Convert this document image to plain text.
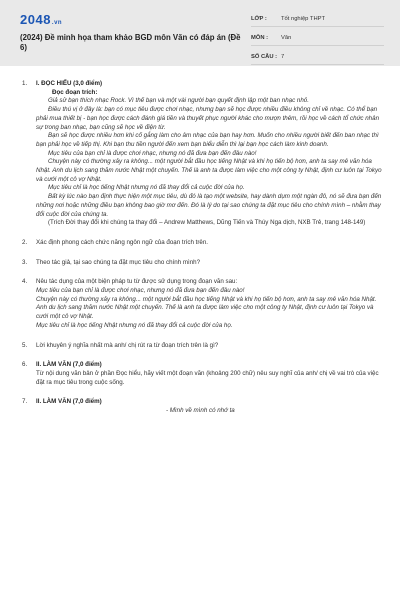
2048.vn
(2024) Đề minh họa tham khảo BGD môn Văn có đáp án (Đề 6)
LỚP :	Tốt nghiệp THPT
MÔN :	Văn
SỐ CÂU : 7
1. I. ĐỌC HIỂU (3,0 điểm)
Đọc đoạn trích:
Giả sử bạn thích nhạc Rock. Vì thế bạn và một vài người bạn quyết định lập một ban nhạc nhỏ.
Điều thú vị ở đây là: bạn có mục tiêu được chơi nhạc, nhưng bạn sẽ học được nhiều điều không chỉ về nhạc. Có thể bạn phải mua thiết bị - bạn học được cách đánh giá tiền và thuyết phục người khác cho mượn thêm, rồi học về cách tổ chức nhân sự trong ban nhạc, bạn cũng sẽ học về điện từ.
Bạn sẽ học được nhiều hơn khi cố gắng làm cho âm nhạc của bạn hay hơn. Muốn cho nhiều người biết đến ban nhạc thì bạn phải học về tiếp thị. Khi bạn thu tiền người đến xem bạn biểu diễn thì lại bạn học cách làm kinh doanh.
Mục tiêu của bạn chỉ là được chơi nhạc, nhưng nó đã đưa bạn đến đâu nào!
Chuyện này có thường xảy ra không... một người bắt đầu học tiếng Nhật và khi họ tiến bộ hơn, anh ta say mê văn hóa Nhật. Anh du lịch sang thăm nước Nhật một chuyến. Thế là anh ta được làm việc cho một công ty Nhật, định cư luôn tại Tokyo và cưới một cô vợ Nhật.
Mục tiêu chỉ là học tiếng Nhật nhưng nó đã thay đổi cả cuộc đời của họ.
Bất kỳ lúc nào bạn định thực hiện một mục tiêu, dù đó là tạo một website, hay dành dụm một ngàn đô, nó sẽ đưa bạn đến những nơi hoặc những điều bạn không bao giờ mơ đến. Đó là lý do tại sao chúng ta đặt mục tiêu cho chính mình – nhằm thay đổi cuộc đời của chúng ta.
(Trích Đời thay đổi khi chúng ta thay đổi – Andrew Matthews, Dũng Tiến và Thúy Nga dịch, NXB Trẻ, trang 148-149)
2. Xác định phong cách chức năng ngôn ngữ của đoạn trích trên.
3. Theo tác giả, tại sao chúng ta đặt mục tiêu cho chính mình?
4. Nêu tác dụng của một biện pháp tu từ được sử dụng trong đoạn văn sau:
Mục tiêu của bạn chỉ là được chơi nhạc, nhưng nó đã đưa bạn đến đâu nào!
Chuyện này có thường xảy ra không... một người bắt đầu học tiếng Nhật và khi họ tiến bộ hơn, anh ta say mê văn hóa Nhật. Anh du lịch sang thăm nước Nhật một chuyến. Thế là anh ta được làm việc cho một công ty Nhật, định cư luôn tại Tokyo và cưới một cô vợ Nhật.
Mục tiêu chỉ là học tiếng Nhật nhưng nó đã thay đổi cả cuộc đời của họ.
5. Lời khuyên ý nghĩa nhất mà anh/ chị rút ra từ đoạn trích trên là gì?
6. II. LÀM VĂN (7,0 điểm)
Từ nội dung văn bản ở phần Đọc hiểu, hãy viết một đoạn văn (khoảng 200 chữ) nêu suy nghĩ của anh/ chị về vai trò của việc đặt ra mục tiêu trong cuộc sống.
7. II. LÀM VĂN (7,0 điểm)
- Mình về mình có nhớ ta
